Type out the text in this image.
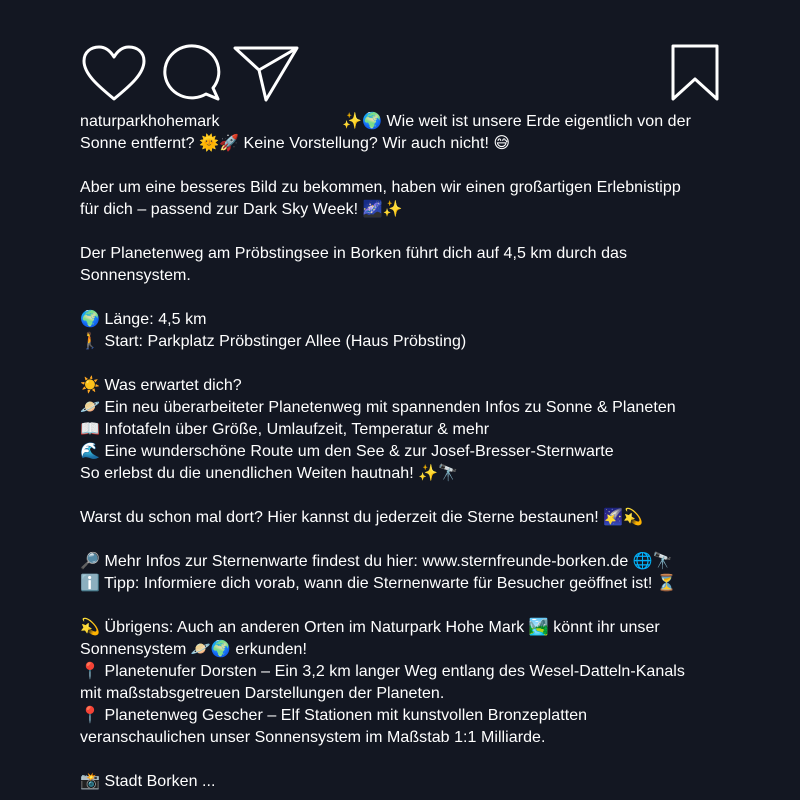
naturparkhohemark	✨🌍 Wie weit ist unsere Erde eigentlich von der
Sonne entfernt? 🌞🚀 Keine Vorstellung? Wir auch nicht! 😅
Aber um eine besseres Bild zu bekommen, haben wir einen großartigen Erlebnistipp
für dich – passend zur Dark Sky Week! 🌌✨
Der Planetenweg am Pröbstingsee in Borken führt dich auf 4,5 km durch das
Sonnensystem.
🌍 Länge: 4,5 km
🚶 Start: Parkplatz Pröbstinger Allee (Haus Pröbsting)
☀️ Was erwartet dich?
🪐 Ein neu überarbeiteter Planetenweg mit spannenden Infos zu Sonne & Planeten
📖 Infotafeln über Größe, Umlaufzeit, Temperatur & mehr
🌊 Eine wunderschöne Route um den See & zur Josef-Bresser-Sternwarte
So erlebst du die unendlichen Weiten hautnah! ✨🔭
Warst du schon mal dort? Hier kannst du jederzeit die Sterne bestaunen! 🌠💫
🔎 Mehr Infos zur Sternenwarte findest du hier: www.sternfreunde-borken.de 🌐🔭
ℹ️ Tipp: Informiere dich vorab, wann die Sternenwarte für Besucher geöffnet ist! ⏳
💫 Übrigens: Auch an anderen Orten im Naturpark Hohe Mark 🏞️ könnt ihr unser
Sonnensystem 🪐🌍 erkunden!
📍 Planetenufer Dorsten – Ein 3,2 km langer Weg entlang des Wesel-Datteln-Kanals
mit maßstabsgetreuen Darstellungen der Planeten.
📍 Planetenweg Gescher – Elf Stationen mit kunstvollen Bronzeplatten
veranschaulichen unser Sonnensystem im Maßstab 1:1 Milliarde.
📸 Stadt Borken ...
